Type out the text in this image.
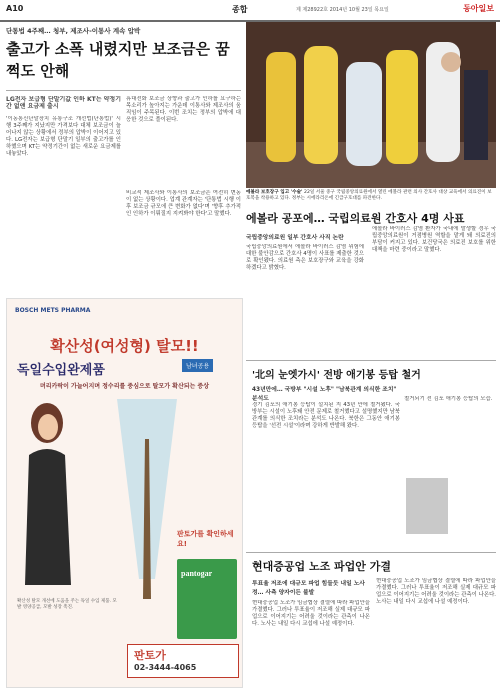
A10	종합	제 제28922호 2014년 10월 23일 목요일	동아일보
단통법 4주째… 청부, 제조사-이통사 계속 압박
출고가 소폭 내렸지만 보조금은 꿈쩍도 안해
LG전자 보급형 단말기값 인하 KT는 약정기간 없앤 요금제 출시
'이동통신단말장치 유통구조 개선법(단통법)' 시행 3주째가 지났지만 가격보다 대체 보조금이 늘어나지 않는 상황에서 정부의 압박이 이어지고 있다. LG전자는 보급형 단말기 일부의 출고가를 인하했으며 KT는 약정기간이 없는 새로운 요금제를 내놓았다.
휴대전화 보조금 상향과 출고가 인하를 요구하는 목소리가 높아지는 가운데 이통사와 제조사의 움직임이 주목된다. 이번 조치는 정부의 압박에 대응한 것으로 풀이된다.
비교적 제조사와 이통사의 보조금은 여전히 변동이 없는 상황이다. 업계 관계자는 '단통법 시행 이후 보조금 규모에 큰 변화가 없다'며 '향후 추가적인 인하가 이뤄질지 지켜봐야 한다'고 말했다.
에볼라 보호장구 입고 '수술' 22일 서울 중구 국립중앙의료원에서 열린 에볼라 관련 의사 간호사 대상 교육에서 의료진이 보호복을 착용하고 있다. 정부는 시에라리온에 긴급구호대를 파견한다.
에볼라 공포에… 국립의료원 간호사 4명 사표
국립중앙의료원 일부 간호사 사직 논란
국립중앙의료원에서 에볼라 바이러스 감염 위험에 대한 불안감으로 간호사 4명이 사표를 제출한 것으로 확인됐다. 의료원 측은 보호장구와 교육을 강화하겠다고 밝혔다.
에볼라 바이러스 감염 환자가 국내에 발생할 경우 국립중앙의료원이 거점병원 역할을 맡게 돼 의료진의 부담이 커지고 있다. 보건당국은 의료진 보호를 위한 대책을 마련 중이라고 말했다.
'北의 눈엣가시' 전방 애기봉 등탑 철거
43년만에… 국방부 "시설 노후" "남북관계 의식한 조치" 분석도
경기 김포의 애기봉 등탑이 설치된 지 43년 만에 철거됐다. 국방부는 시설이 노후돼 안전 문제로 철거했다고 설명했지만 남북관계를 의식한 조치라는 분석도 나온다. 북한은 그동안 애기봉 등탑을 '선전 시설'이라며 강하게 반발해 왔다.
철거되기 전 김포 애기봉 등탑의 모습.
현대증공업 노조 파업안 가결
투표율 저조에 대규모 파업 힘들듯 내일 노사정… 사측 양자이든 불발
현대중공업 노조가 임금협상 결렬에 따라 파업안을 가결했다. 그러나 투표율이 저조해 실제 대규모 파업으로 이어지기는 어려울 것이라는 관측이 나온다. 노사는 내일 다시 교섭에 나설 예정이다.
현대중공업 노조가 임금협상 결렬에 따라 파업안을 가결했다. 그러나 투표율이 저조해 실제 대규모 파업으로 이어지기는 어려울 것이라는 관측이 나온다. 노사는 내일 다시 교섭에 나설 예정이다.
BOSCH METS PHARMA
확산성(여성형) 탈모!!
독일수입완제품	남녀공용
머리카락이 가늘어지며 정수리를 중심으로 탈모가 확산되는 증상
판토가를 확인하세요!
pantogar
확산성 탈모 개선에 도움을 주는 독일 수입 제품. 모발 영양공급, 모발 성장 촉진.
판토가
02-3444-4065
